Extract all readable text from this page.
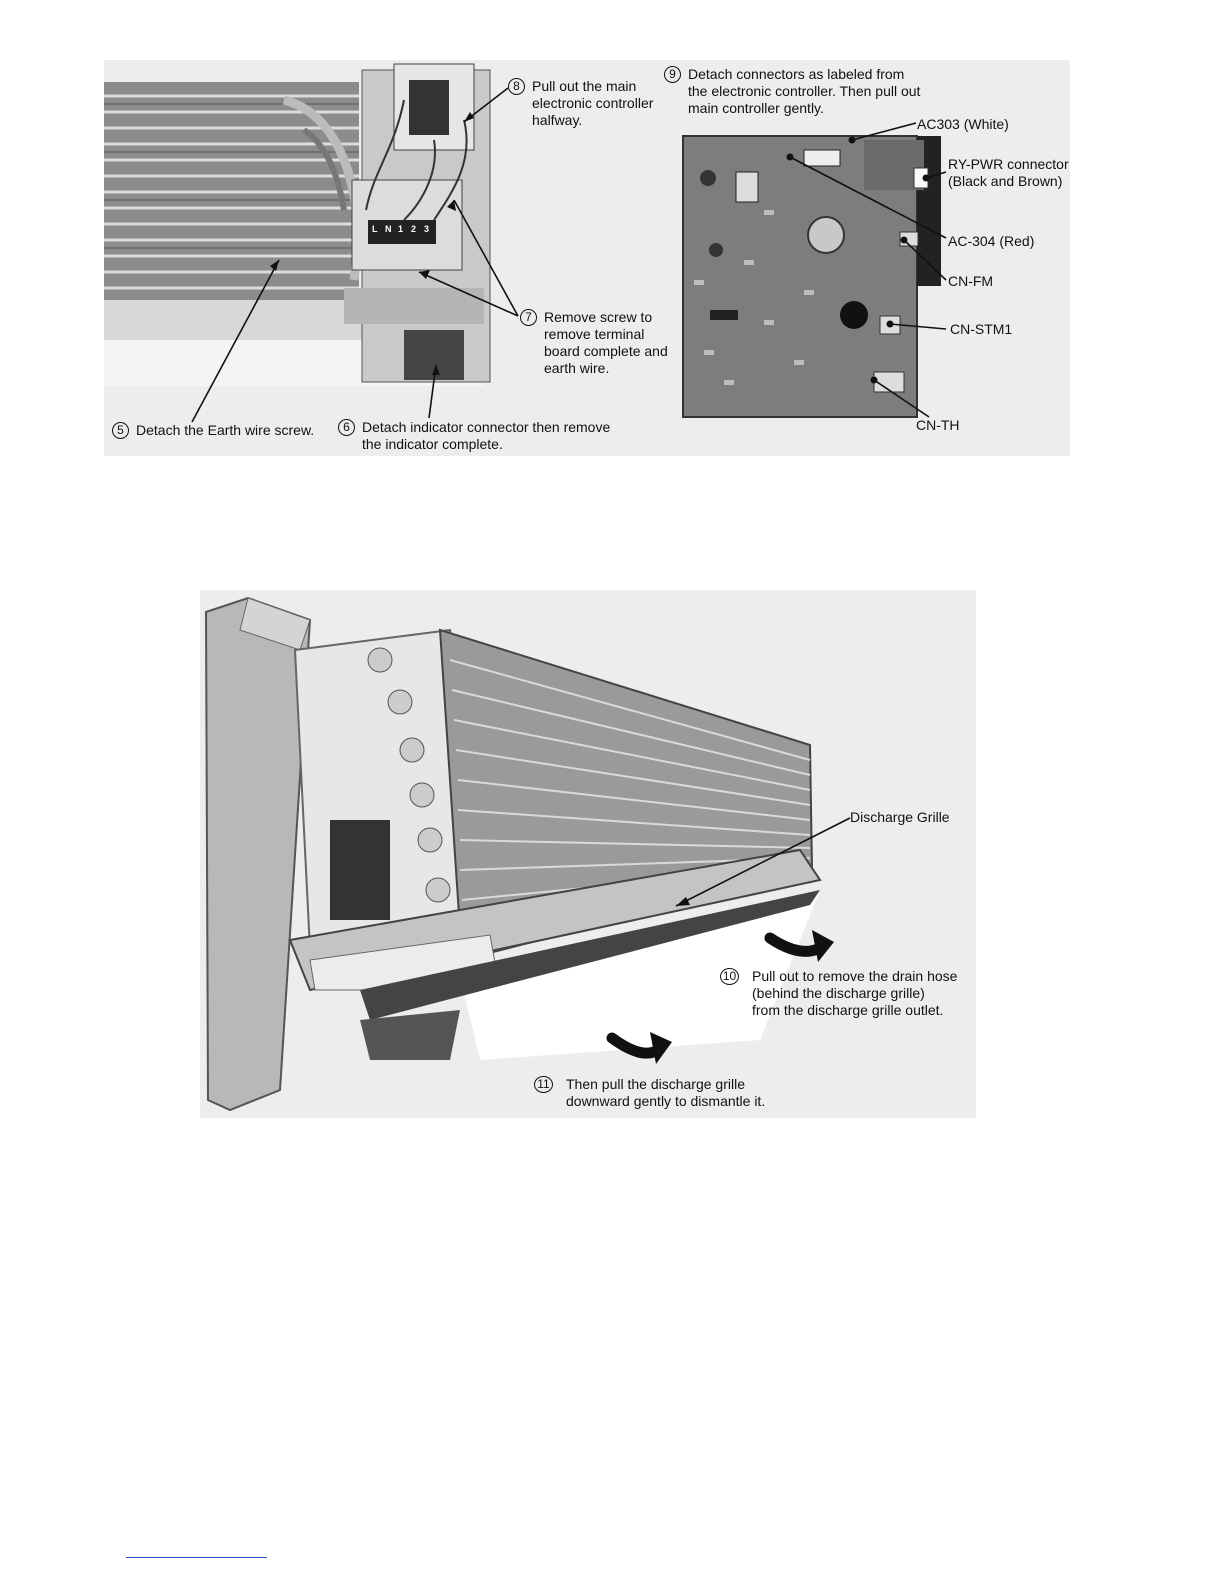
L N 1 2 3
8 Pull out the main
electronic controller
halfway.
9 Detach connectors as labeled from
the electronic controller. Then pull out
main controller gently.
7 Remove screw to
remove terminal
board complete and
earth wire.
5 Detach the Earth wire screw.	6 Detach indicator connector then remove
the indicator complete.
AC303 (White)
RY-PWR connector
(Black and Brown)
AC-304 (Red)
CN-FM
CN-STM1
CN-TH
Discharge Grille
10	Pull out to remove the drain hose
(behind the discharge grille)
from the discharge grille outlet.
11	Then pull the discharge grille
downward gently to dismantle it.
